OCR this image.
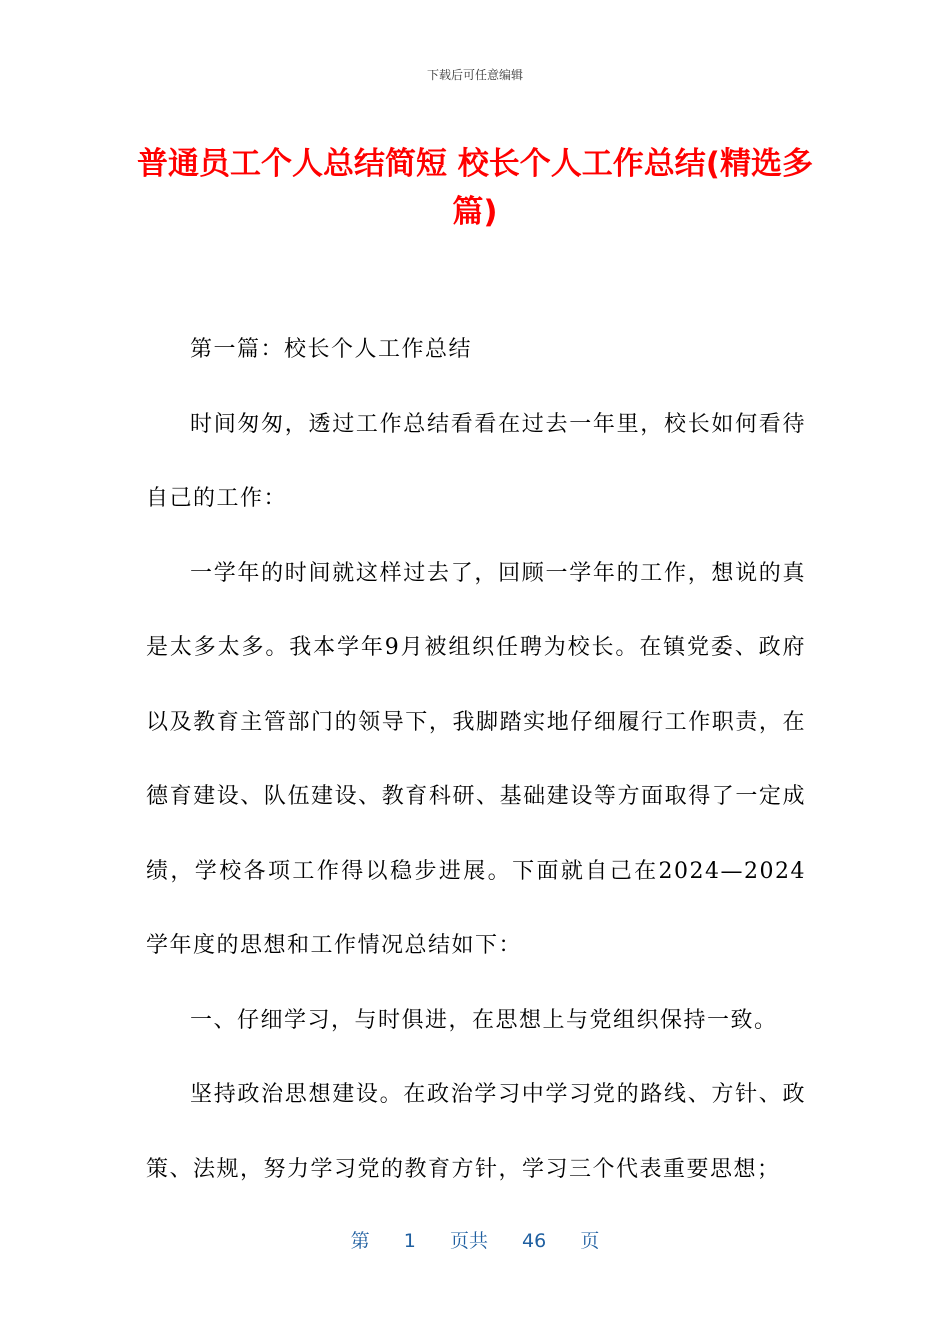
下载后可任意编辑
普通员工个人总结简短 校长个人工作总结(精选多篇)

第一篇：校长个人工作总结

时间匆匆，透过工作总结看看在过去一年里，校长如何看待自己的工作：

一学年的时间就这样过去了，回顾一学年的工作，想说的真是太多太多。我本学年9月被组织任聘为校长。在镇党委、政府以及教育主管部门的领导下，我脚踏实地仔细履行工作职责，在德育建设、队伍建设、教育科研、基础建设等方面取得了一定成绩，学校各项工作得以稳步进展。下面就自己在2024—2024学年度的思想和工作情况总结如下：

一、仔细学习，与时俱进，在思想上与党组织保持一致。

坚持政治思想建设。在政治学习中学习党的路线、方针、政策、法规，努力学习党的教育方针，学习三个代表重要思想；

第 1 页共 46 页
